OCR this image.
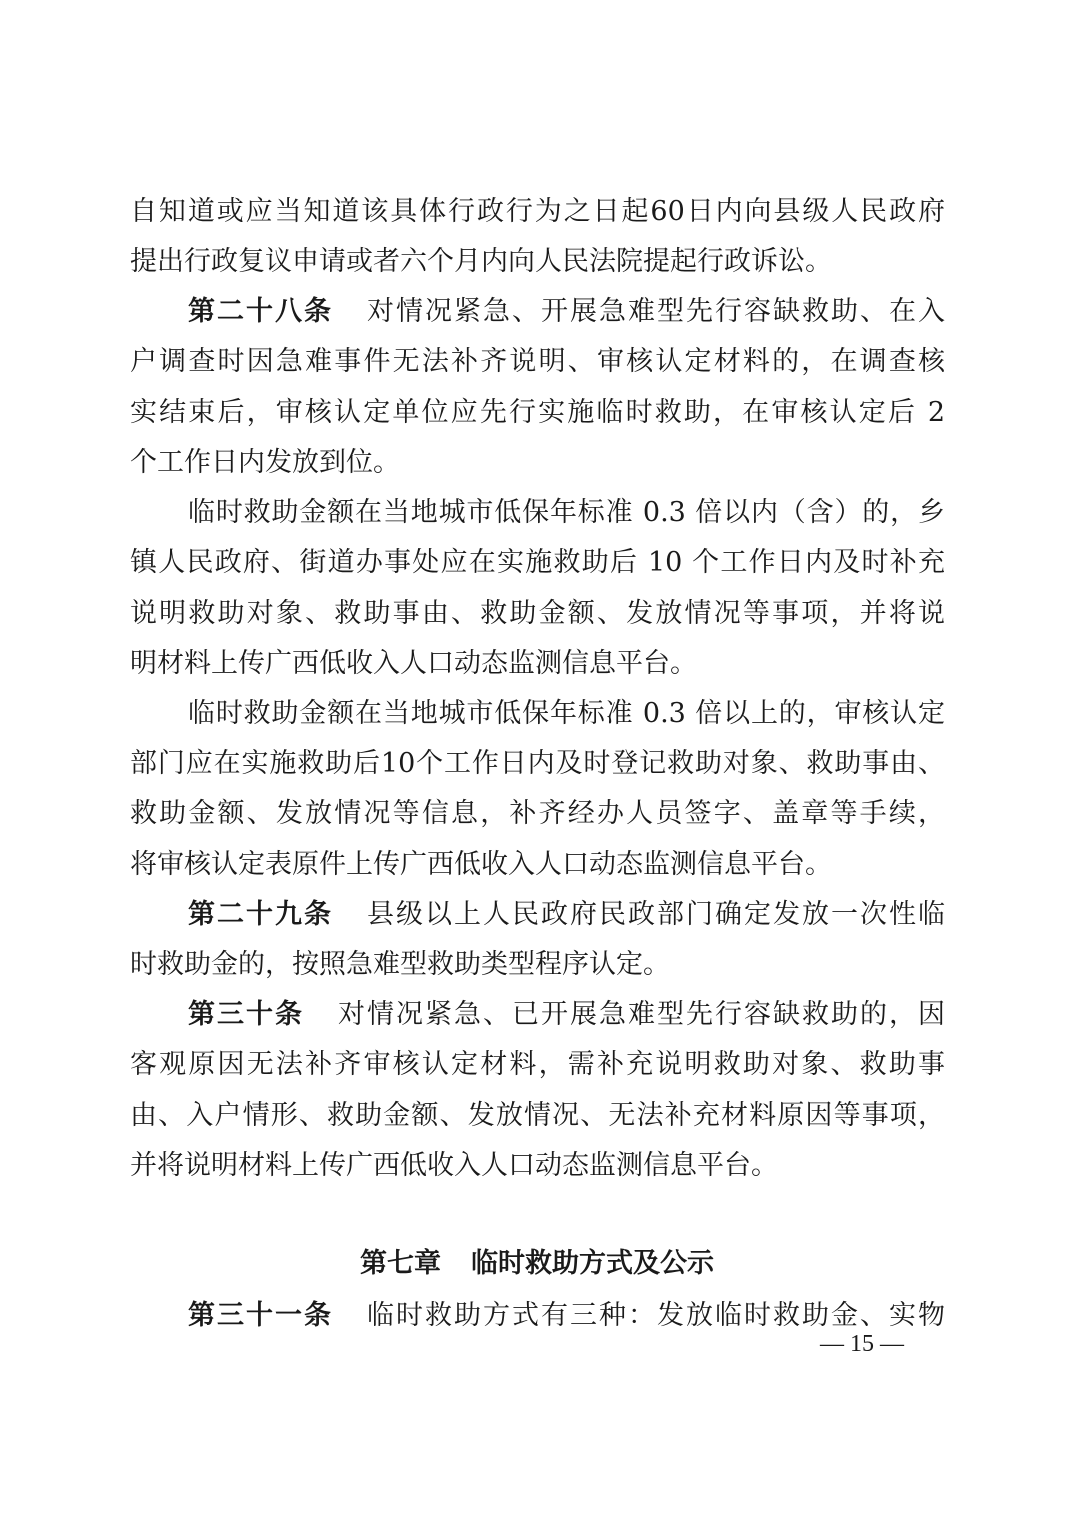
自知道或应当知道该具体行政行为之日起60日内向县级人民政府
提出行政复议申请或者六个月内向人民法院提起行政诉讼。
第二十八条 对情况紧急、开展急难型先行容缺救助、在入
户调查时因急难事件无法补齐说明、审核认定材料的，在调查核
实结束后，审核认定单位应先行实施临时救助，在审核认定后 2
个工作日内发放到位。
临时救助金额在当地城市低保年标准 0.3 倍以内（含）的，乡
镇人民政府、街道办事处应在实施救助后 10 个工作日内及时补充
说明救助对象、救助事由、救助金额、发放情况等事项，并将说
明材料上传广西低收入人口动态监测信息平台。
临时救助金额在当地城市低保年标准 0.3 倍以上的，审核认定
部门应在实施救助后10个工作日内及时登记救助对象、救助事由、
救助金额、发放情况等信息，补齐经办人员签字、盖章等手续，
将审核认定表原件上传广西低收入人口动态监测信息平台。
第二十九条 县级以上人民政府民政部门确定发放一次性临
时救助金的，按照急难型救助类型程序认定。
第三十条 对情况紧急、已开展急难型先行容缺救助的，因
客观原因无法补齐审核认定材料，需补充说明救助对象、救助事
由、入户情形、救助金额、发放情况、无法补充材料原因等事项，
并将说明材料上传广西低收入人口动态监测信息平台。
第七章 临时救助方式及公示
第三十一条 临时救助方式有三种：发放临时救助金、实物
— 15 —
